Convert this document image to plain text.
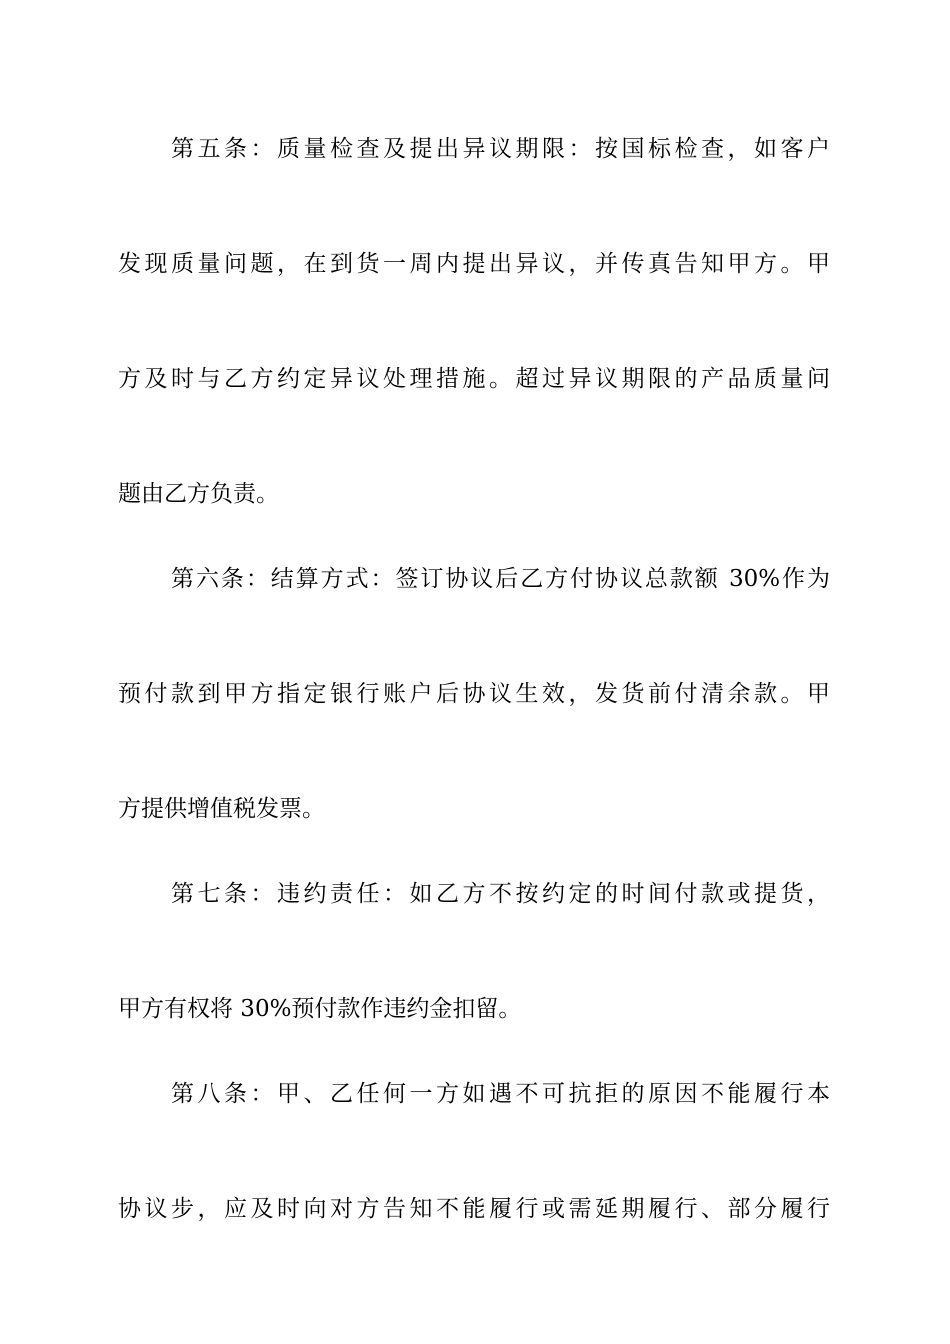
第五条：质量检查及提出异议期限：按国标检查，如客户
发现质量问题，在到货一周内提出异议，并传真告知甲方。甲
方及时与乙方约定异议处理措施。超过异议期限的产品质量问
题由乙方负责。
第六条：结算方式：签订协议后乙方付协议总款额 30%作为
预付款到甲方指定银行账户后协议生效，发货前付清余款。甲
方提供增值税发票。
第七条：违约责任：如乙方不按约定的时间付款或提货，
甲方有权将 30%预付款作违约金扣留。
第八条：甲、乙任何一方如遇不可抗拒的原因不能履行本
协议步，应及时向对方告知不能履行或需延期履行、部分履行
